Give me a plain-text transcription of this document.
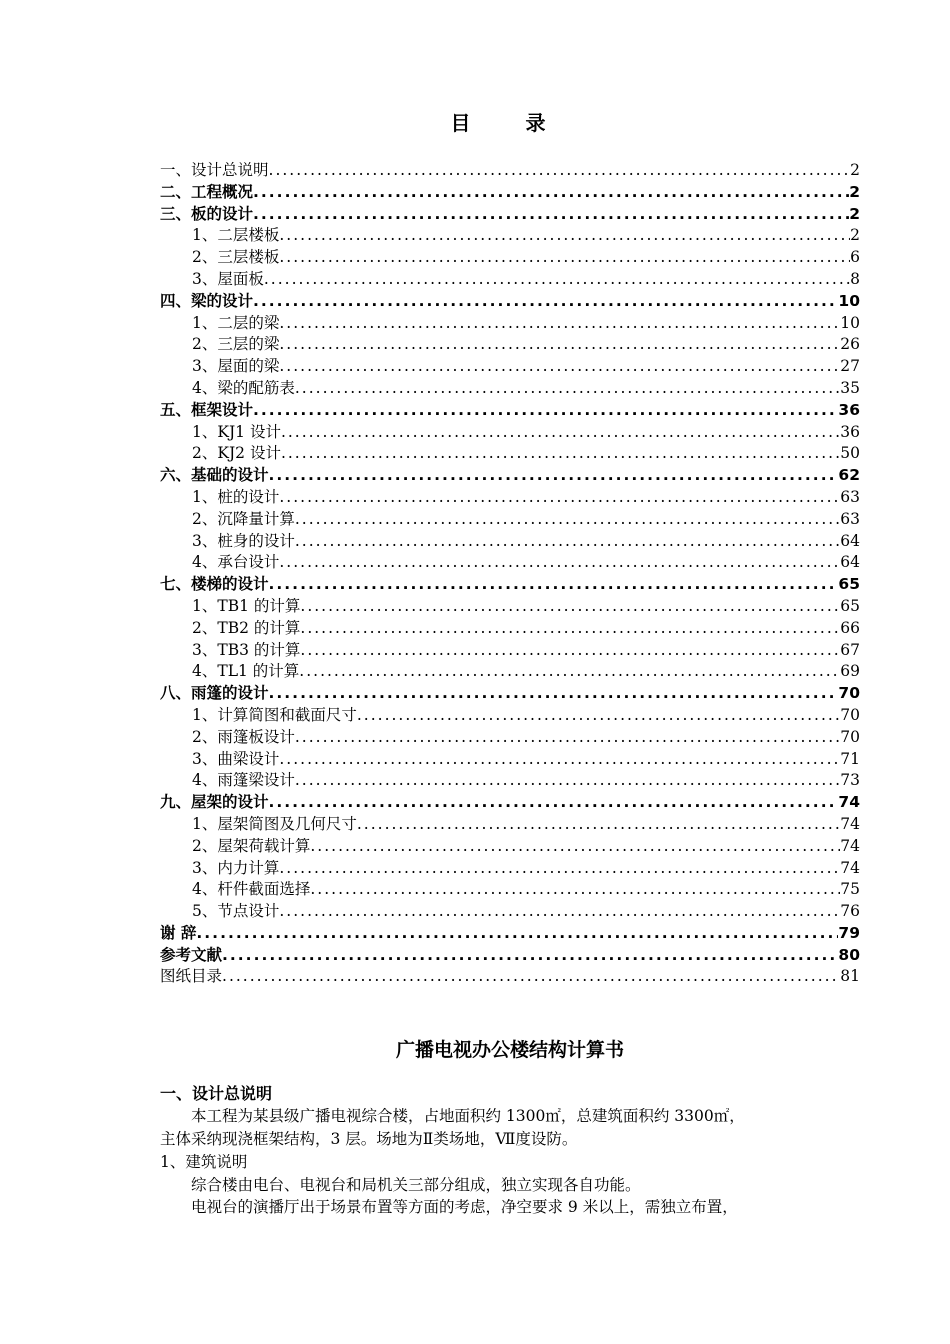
目 录
一、设计总说明 .....	2
二、工程概况 .....	2
三、板的设计 .....	2
1、二层楼板 .....	2
2、三层楼板 .....	6
3、屋面板 .....	8
四、梁的设计 .....	10
1、二层的梁 .....	10
2、三层的梁 .....	26
3、屋面的梁 .....	27
4、梁的配筋表 .....	35
五、框架设计 .....	36
1、KJ1 设计 .....	36
2、KJ2 设计 .....	50
六、基础的设计 .....	62
1、桩的设计 .....	63
2、沉降量计算 .....	63
3、桩身的设计 .....	64
4、承台设计 .....	64
七、楼梯的设计 .....	65
1、TB1 的计算 .....	65
2、TB2 的计算 .....	66
3、TB3 的计算 .....	67
4、TL1 的计算 .....	69
八、雨篷的设计 .....	70
1、计算简图和截面尺寸 .....	70
2、雨篷板设计 .....	70
3、曲梁设计 .....	71
4、雨篷梁设计 .....	73
九、屋架的设计 .....	74
1、屋架简图及几何尺寸 .....	74
2、屋架荷载计算 .....	74
3、内力计算 .....	74
4、杆件截面选择 .....	75
5、节点设计 .....	76
谢 辞 .....	79
参考文献 .....	80
图纸目录 .....	81
广播电视办公楼结构计算书
一、设计总说明
本工程为某县级广播电视综合楼，占地面积约 1300㎡，总建筑面积约 3300㎡，
主体采纳现浇框架结构，3 层。场地为Ⅱ类场地，Ⅶ度设防。
1、建筑说明
综合楼由电台、电视台和局机关三部分组成，独立实现各自功能。
电视台的演播厅出于场景布置等方面的考虑，净空要求 9 米以上，需独立布置，
